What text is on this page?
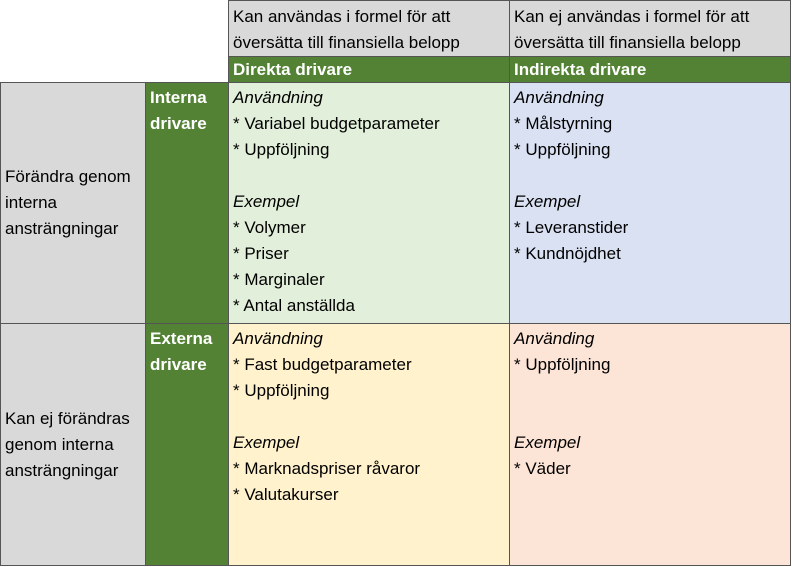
Kan användas i formel för att översätta till finansiella belopp
Kan ej användas i formel för att översätta till finansiella belopp
Direkta drivare	Indirekta drivare
Förändra genom interna ansträngningar
Interna drivare
Användning
* Variabel budgetparameter
* Uppföljning
Exempel
* Volymer
* Priser
* Marginaler
* Antal anställda
Användning
* Målstyrning
* Uppföljning
Exempel
* Leveranstider
* Kundnöjdhet
Kan ej förändras genom interna ansträngningar
Externa drivare
Användning
* Fast budgetparameter
* Uppföljning
Exempel
* Marknadspriser råvaror
* Valutakurser
Använding
* Uppföljning
Exempel
* Väder
